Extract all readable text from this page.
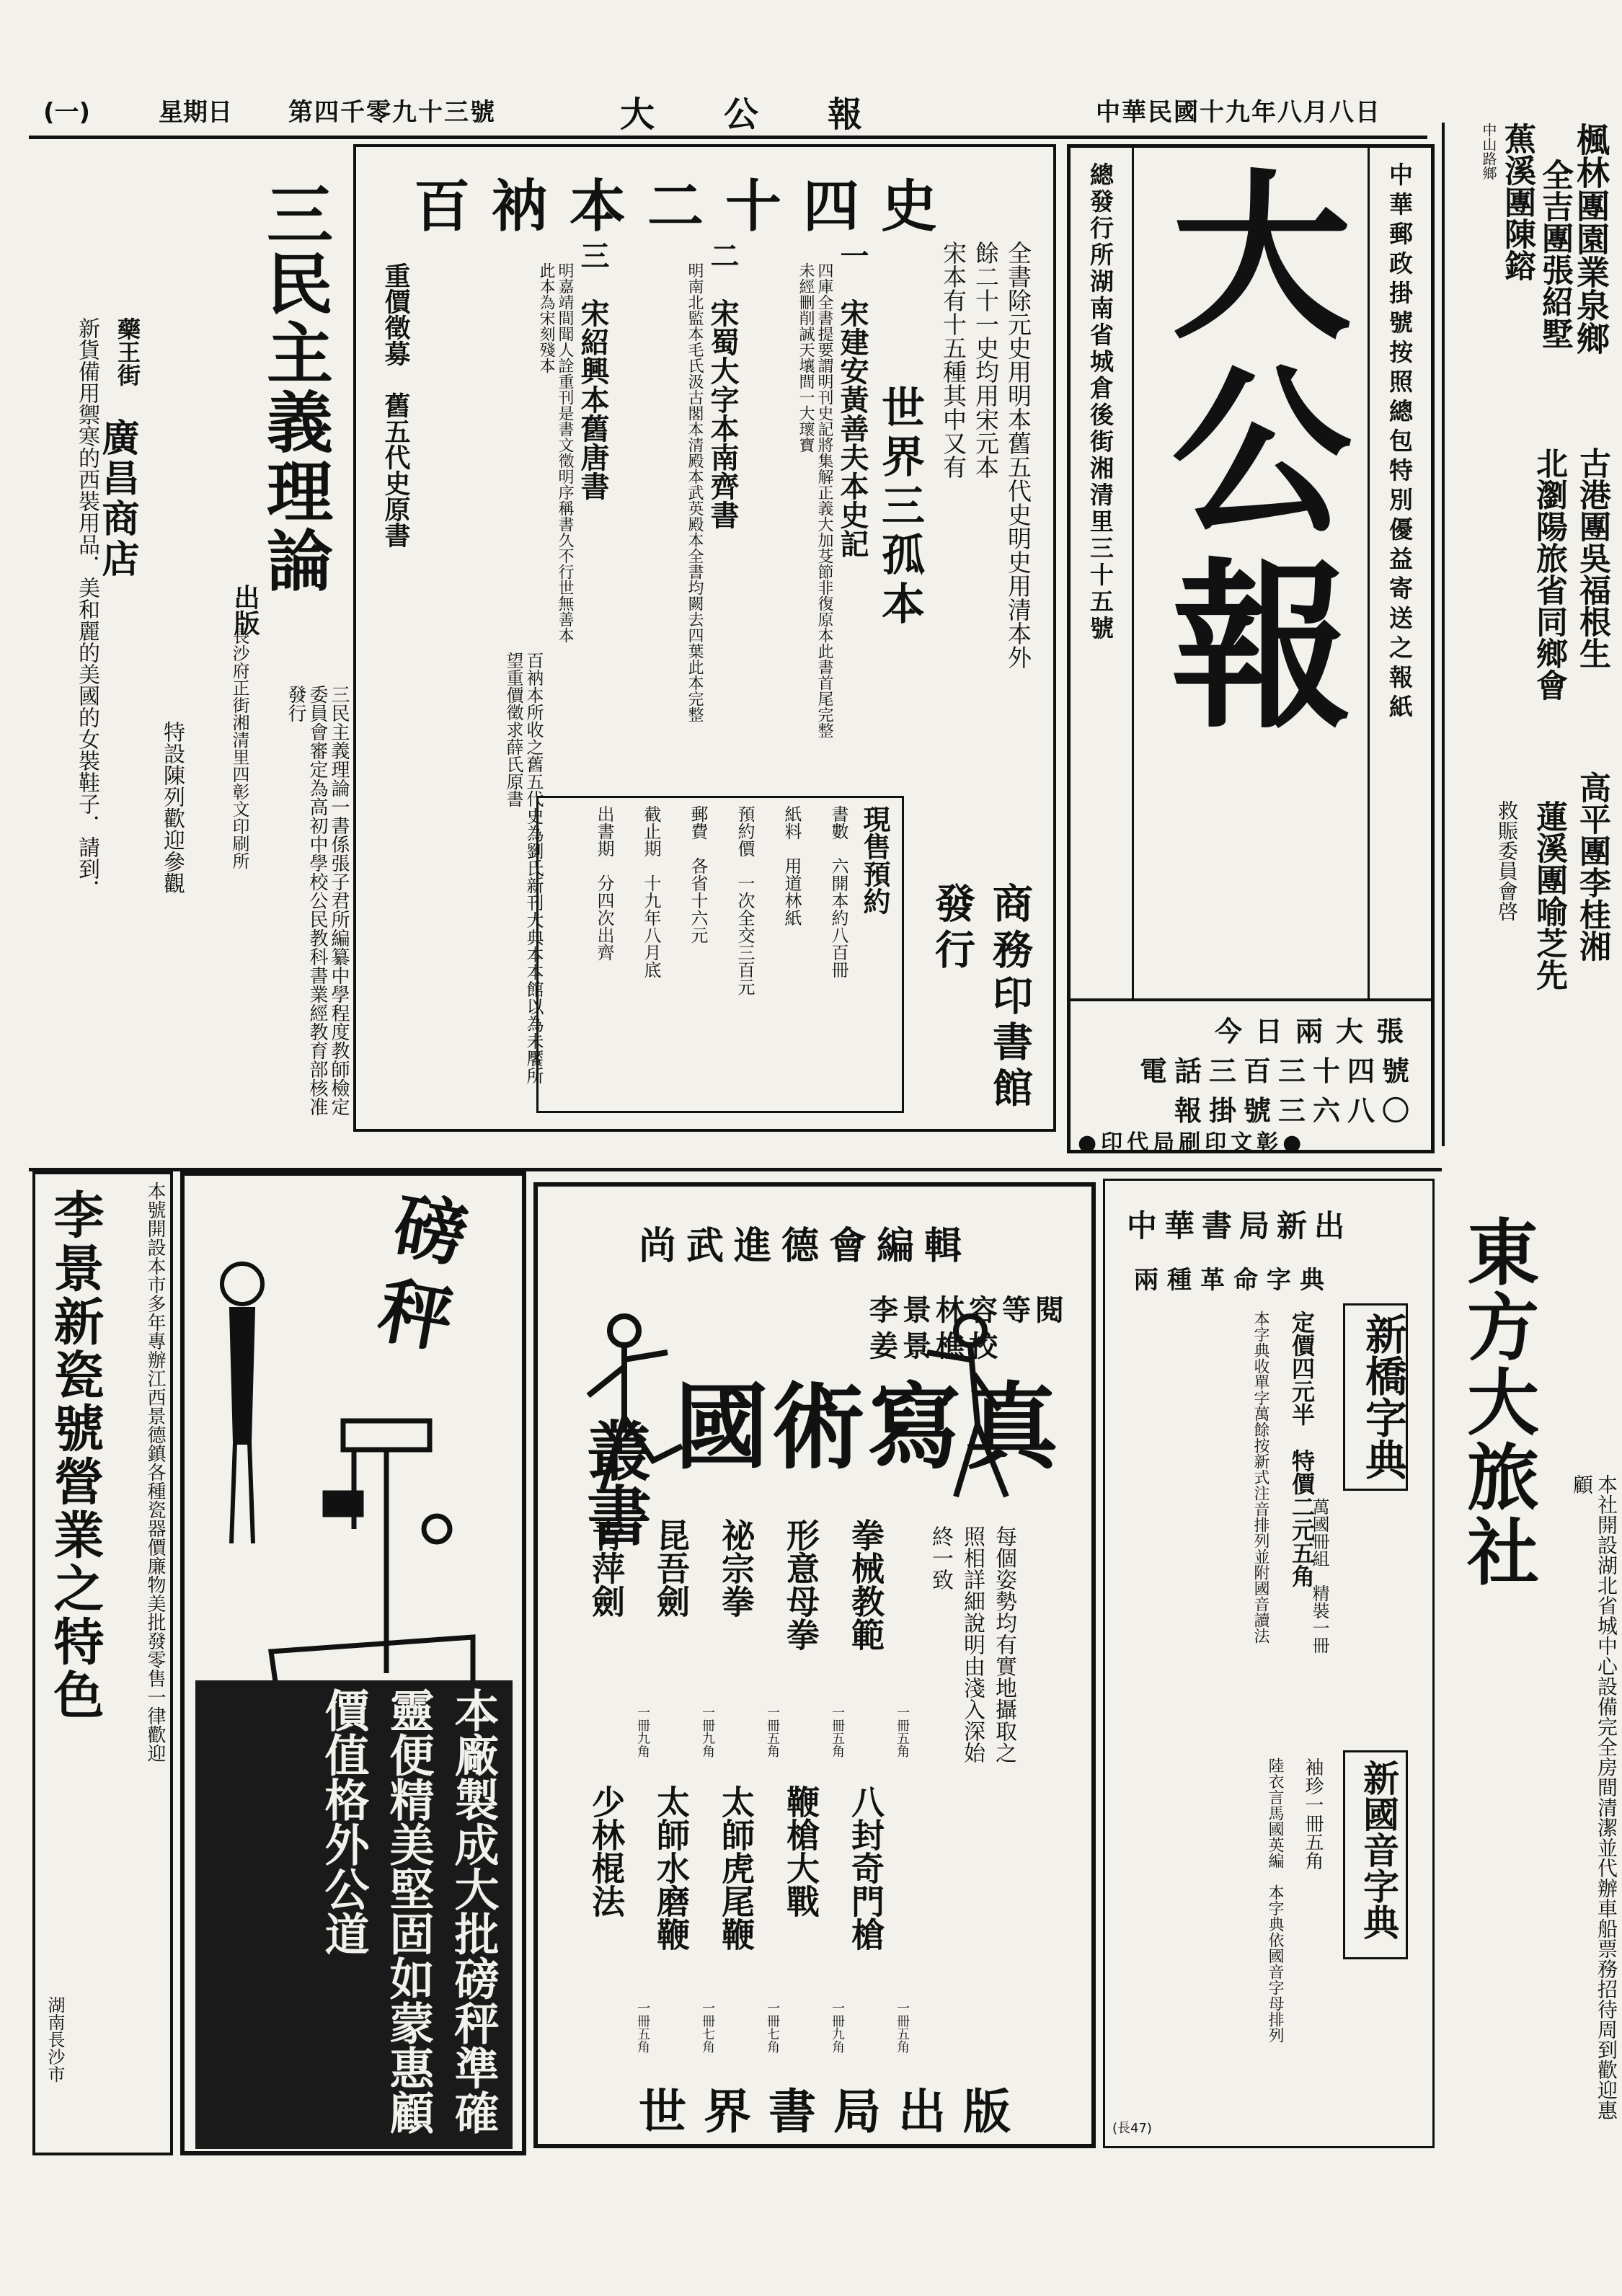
(一)	星期日 第四千零九十三號	大　公　報	中華民國十九年八月八日
楓林團園業泉鄉
全吉團張紹墅
蕉溪團陳鎔
中山路鄉
古港團吳福根生
北瀏陽旅省同鄉會
高平團李桂湘
蓮溪團喻芝先
救賑委員會啓
中華郵政掛號按照總包特別優益寄送之報紙
大公報
總發行所湖南省城倉後街湘清里三十五號
今日兩大張
電話三百三十四號
報掛號三六八〇
●印代局刷印文彰●
百衲本二十四史
全書除元史用明本舊五代史明史用清本外
餘二十一史均用宋元本
宋本有十五種其中又有
世界三孤本
一　宋建安黃善夫本史記
四庫全書提要謂明刊史記將集解正義大加芟節非復原本此書首尾完整未經刪削誠天壤間一大瓌寶
二　宋蜀大字本南齊書
明南北監本毛氏汲古閣本清殿本武英殿本全書均闕去四葉此本完整
三　宋紹興本舊唐書
明嘉靖間聞人詮重刊是書文徵明序稱書久不行世無善本此本為宋刻殘本
重價徵募　舊五代史原書
百衲本所收之舊五代史為劉氏新刊大典本本館以為未饜所望重價徵求薛氏原書
商務印書館發行
現售預約
書數　六開本約八百冊
紙料　用道林紙
預約價　一次全交三百元
郵費　各省十六元
截止期　十九年八月底
出書期　分四次出齊
三民主義理論
出版
三民主義理論一書係張子君所編纂中學程度教師檢定委員會審定為高初中學校公民教科書業經教育部核准發行
長沙府正街湘清里四彰文印刷所
藥王街
廣昌商店
新貨備用禦寒的西裝用品．美和麗的美國的女裝鞋子．請到．	特設陳列歡迎參觀
本號開設本市多年專辦江西景德鎮各種瓷器價廉物美批發零售一律歡迎
李景新瓷號營業之特色
湖南長沙市
磅秤
本廠製成大批磅秤準確靈便精美堅固如蒙惠顧價值格外公道
尚武進德會編輯
李景林容等閱
姜景樵校
國術寫真
叢書
每個姿勢均有實地攝取之照相詳細說明由淺入深始終一致
拳械教範
一冊五角
形意母拳
一冊五角
祕宗拳
一冊五角
昆吾劍
一冊九角
青萍劍
一冊九角
八封奇門槍
一冊五角
鞭槍大戰
一冊九角
太師虎尾鞭
一冊七角
太師水磨鞭
一冊七角
少林棍法
一冊五角
世界書局出版
中華書局新出
兩種革命字典
新橋字典
萬國冊組　精裝一冊
定價四元半　特價二元五角
本字典收單字萬餘按新式注音排列並附國音讀法
新國音字典
袖珍一冊五角
陸衣言馬國英編　本字典依國音字母排列
(長47)
東方大旅社
本社開設湖北省城中心設備完全房間清潔並代辦車船票務招待周到歡迎惠顧
